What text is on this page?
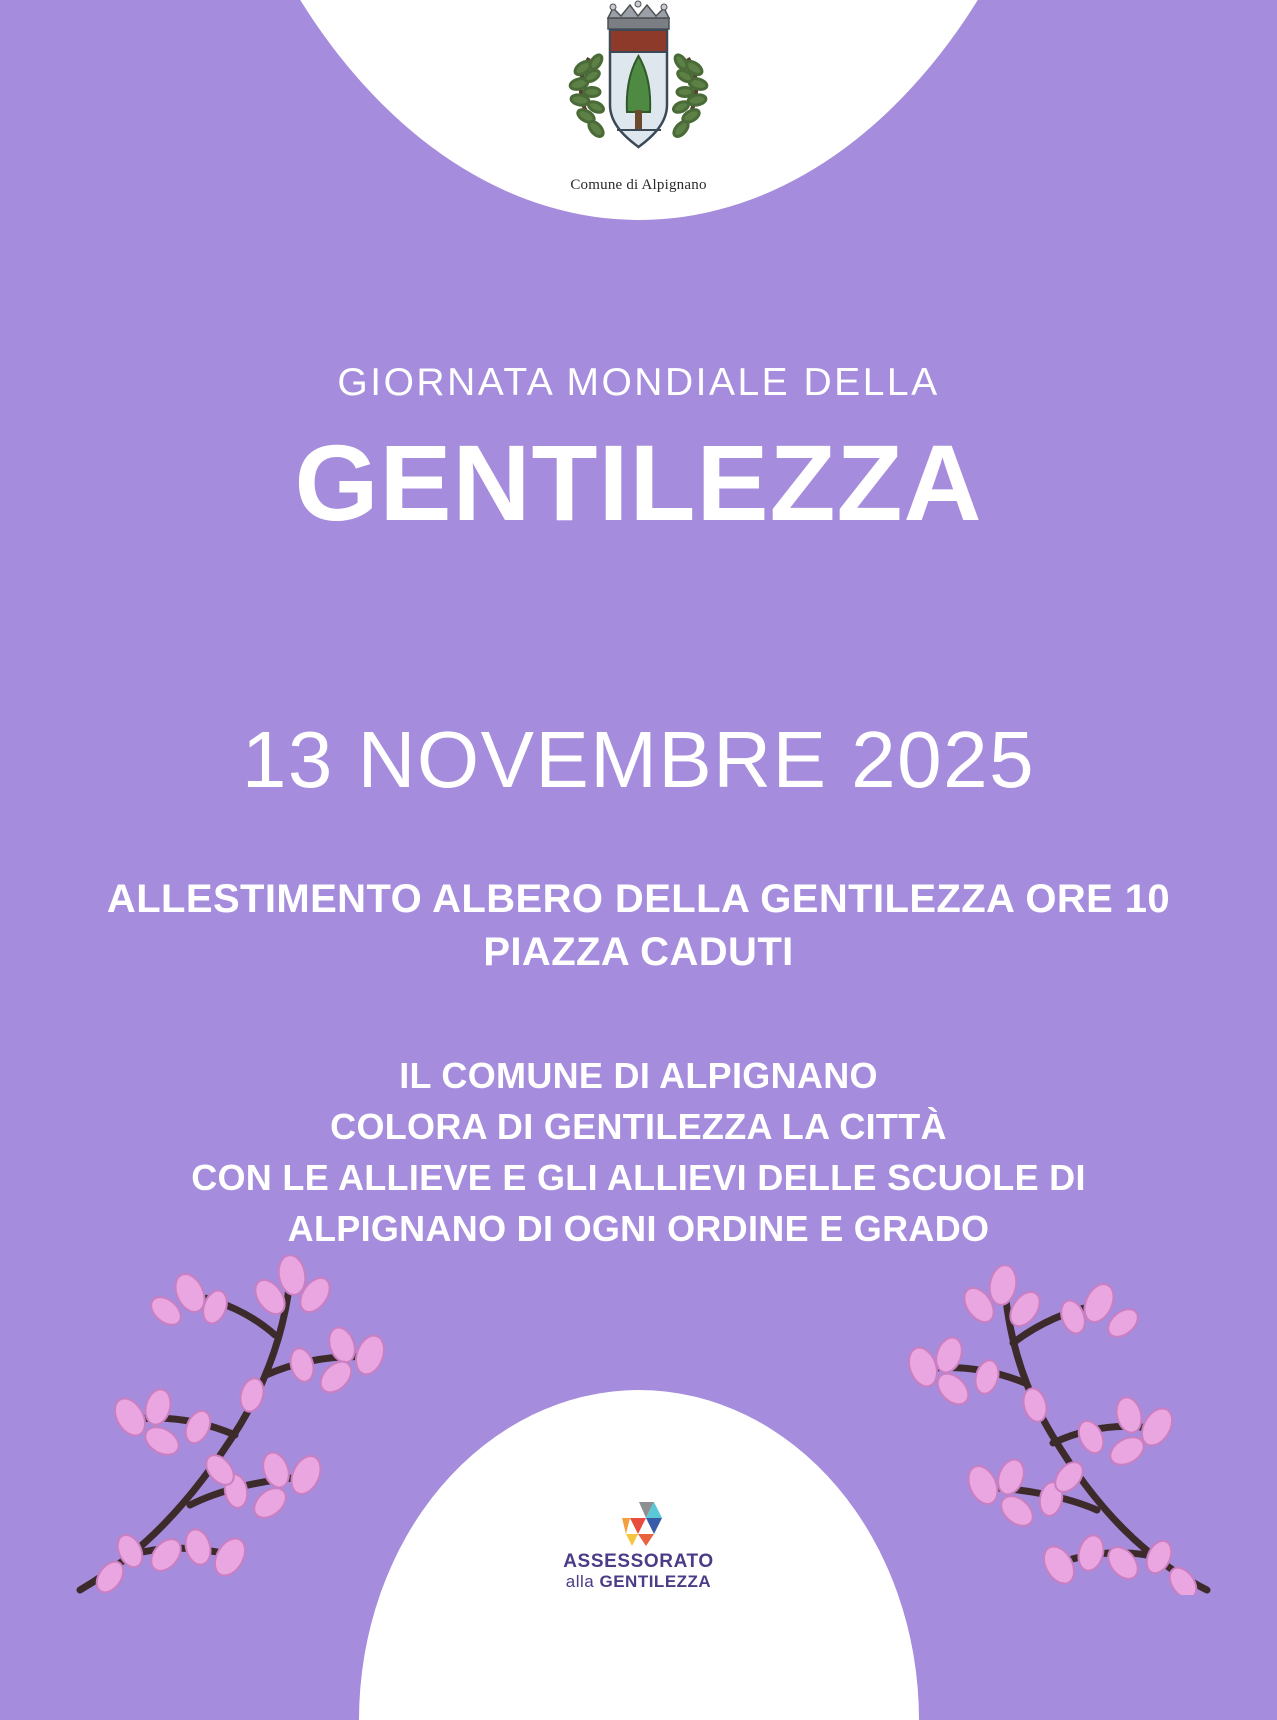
Comune di Alpignano
GIORNATA MONDIALE DELLA
GENTILEZZA
13 NOVEMBRE 2025
ALLESTIMENTO ALBERO DELLA GENTILEZZA ORE 10
PIAZZA CADUTI
IL COMUNE DI ALPIGNANO
COLORA DI GENTILEZZA LA CITTÀ
CON LE ALLIEVE E GLI ALLIEVI DELLE SCUOLE DI
ALPIGNANO DI OGNI ORDINE E GRADO
ASSESSORATO
alla GENTILEZZA
